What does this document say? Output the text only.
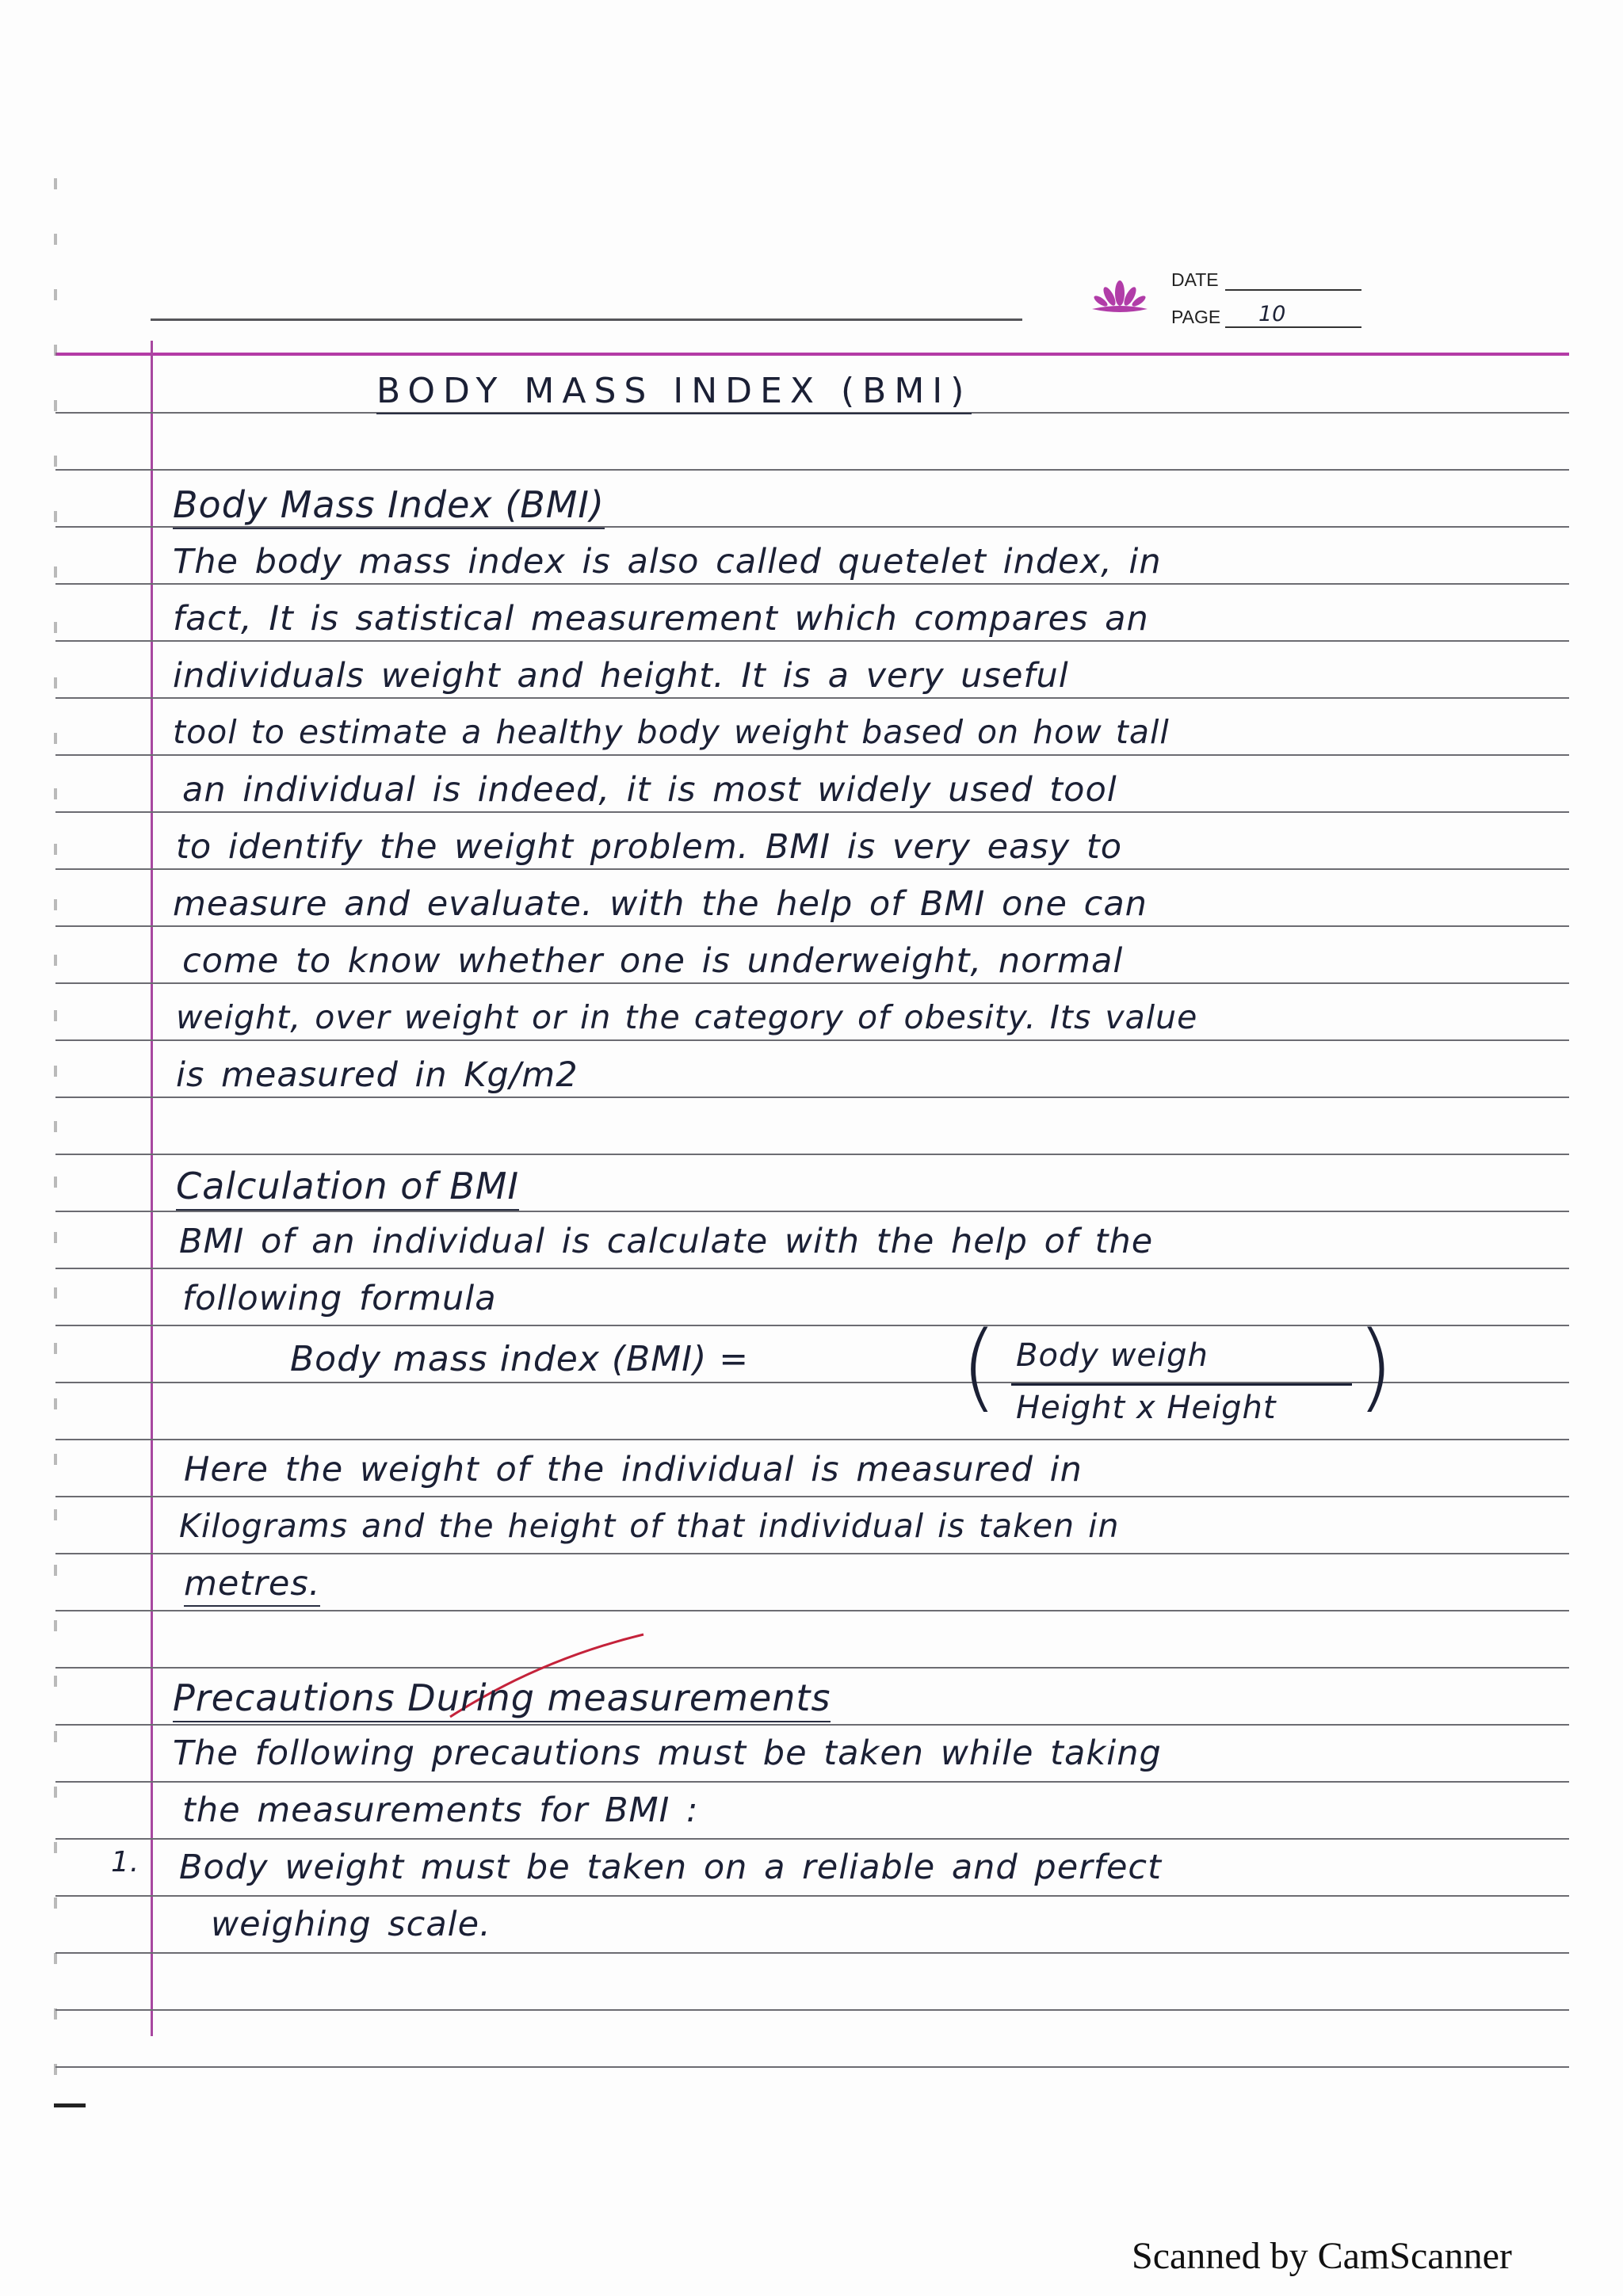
DATE
PAGE 10
BODY MASS INDEX (BMI)
Body Mass Index (BMI)
The body mass index is also called quetelet index, in
fact, It is satistical measurement which compares an
individuals weight and height. It is a very useful
tool to estimate a healthy body weight based on how tall
an individual is indeed, it is most widely used tool
to identify the weight problem. BMI is very easy to
measure and evaluate. with the help of BMI one can
come to know whether one is underweight, normal
weight, over weight or in the category of obesity. Its value
is measured in Kg/m2
Calculation of BMI
BMI of an individual is calculate with the help of the
following formula
Body mass index (BMI) = ( Body weigh
Height x Height )
Here the weight of the individual is measured in
Kilograms and the height of that individual is taken in
metres.
Precautions During measurements
The following precautions must be taken while taking
the measurements for BMI :
1. Body weight must be taken on a reliable and perfect
weighing scale.
Scanned by CamScanner
